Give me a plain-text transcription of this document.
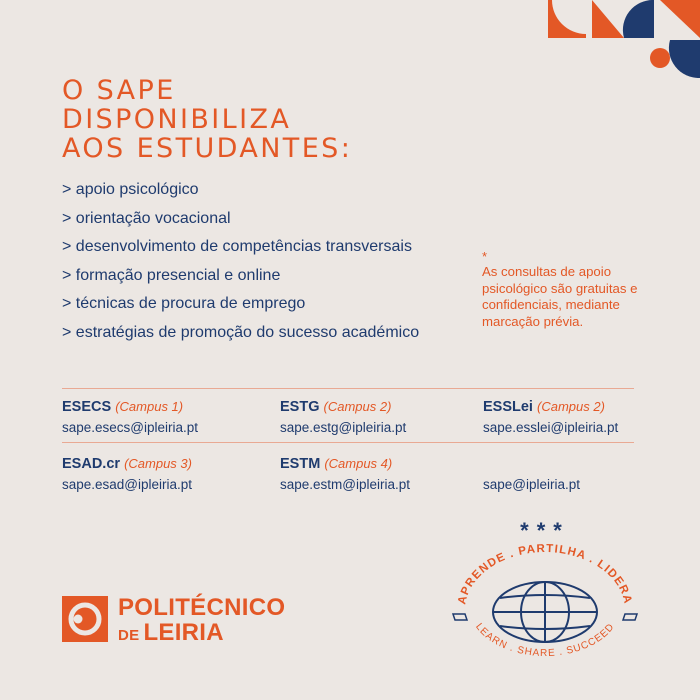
O SAPE
DISPONIBILIZA
AOS ESTUDANTES:
> apoio psicológico
> orientação vocacional
> desenvolvimento de competências transversais
> formação presencial e online
> técnicas de procura de emprego
> estratégias de promoção do sucesso académico
*
As consultas de apoio psicológico são gratuitas e confidenciais, mediante marcação prévia.
ESECS (Campus 1)
sape.esecs@ipleiria.pt
ESTG (Campus 2)
sape.estg@ipleiria.pt
ESSLei (Campus 2)
sape.esslei@ipleiria.pt
ESAD.cr (Campus 3)
sape.esad@ipleiria.pt
ESTM (Campus 4)
sape.estm@ipleiria.pt
	sape@ipleiria.pt
POLITÉCNICO
DE LEIRIA
***
APRENDE . PARTILHA . LIDERA
LEARN . SHARE . SUCCEED
